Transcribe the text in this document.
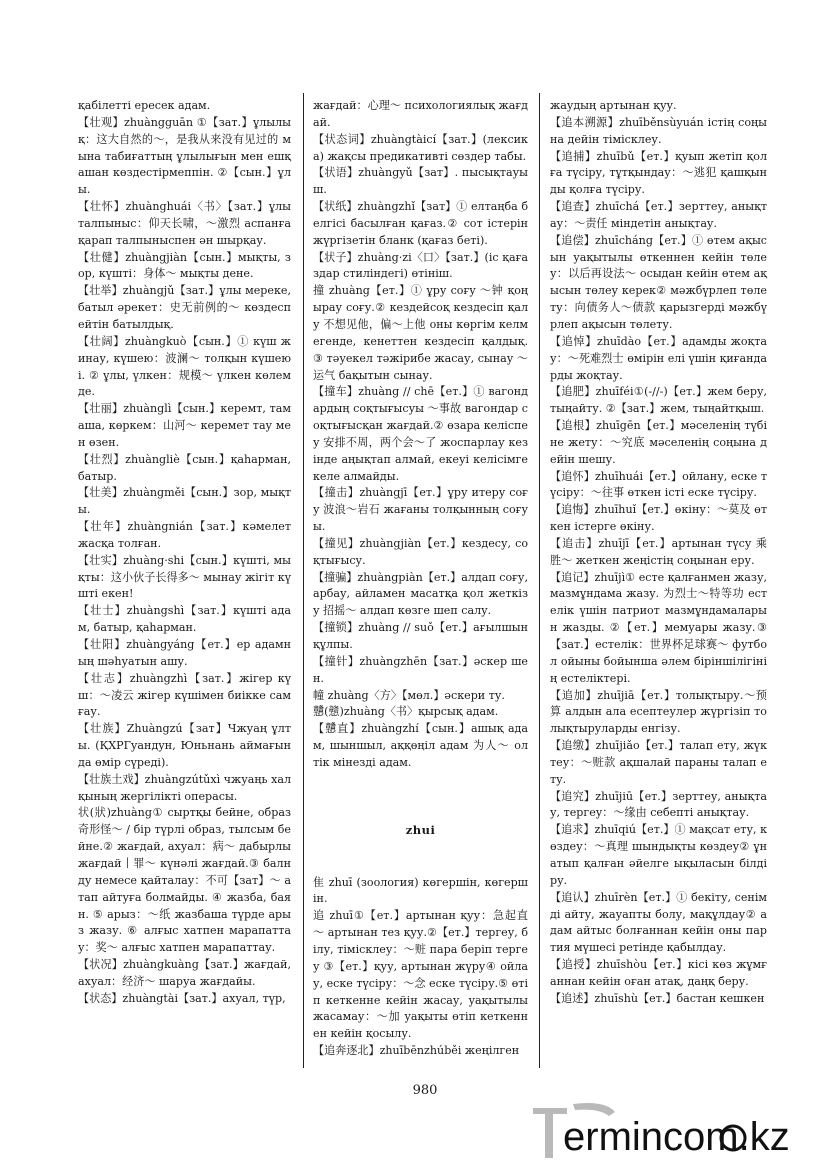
қабілетті ересек адам.

【壮观】zhuàngguān ①【зат.】ұлылық：这大自然的～，是我从来没有见过的 мына табиғаттың ұлылығын мен ешқашан көздестірмеппін. ②【сын.】ұлы.

【壮怀】zhuànghuái〈书〉【зат.】ұлы талпыныс：仰天长啸，～激烈 аспанға қарап талпыныспен ән шырқау.

【壮健】zhuàngjiàn【сын.】мықты, зор, күшті：身体～ мықты дене.

【壮举】zhuàngjǔ【зат.】ұлы мереке, батыл әрекет：史无前例的～ көздеспейтін батылдық.

【壮阔】zhuàngkuò【сын.】① күш жинау, күшею：波澜～ толқын күшеюі. ② ұлы, үлкен：规模～ үлкен көлемде.

【壮丽】zhuànglì【сын.】керемт, тамаша, көркем：山河～ керемет тау мен өзен.

【壮烈】zhuàngliè【сын.】қаһарман, батыр.

【壮美】zhuàngměi【сын.】зор, мықты.

【壮年】zhuàngnián【зат.】кәмелет жасқа толған.

【壮实】zhuàng·shi【сын.】күшті, мықты：这小伙子长得多～ мынау жігіт күшті екен!

【壮士】zhuàngshì【зат.】күшті адам, батыр, қаһарман.

【壮阳】zhuàngyáng【ет.】ер адамның шәһуатын ашу.

【壮志】zhuàngzhì【зат.】жігер күш：～凌云 жігер күшімен биікке самғау.

【壮族】Zhuàngzú【зат】Чжуаң ұлты. (ҚХРГуандун, Юньнань аймағында өмір сүреді).

【壮族土戏】zhuàngzútǔxì чжуаңь халқының жергілікті операсы.

状(狀)zhuàng① сыртқы бейне, образ 奇形怪～ / бір түрлі образ, тылсым бейне.② жағдай, ахуал：病～ дабырлы жағдай丨罪～ күнәлі жағдай.③ балнду немесе қайталау：不可【зат】～ атап айтуға болмайды. ④ жазба, баян. ⑤ арыз：～纸 жазбаша түрде арыз жазу. ⑥ алғыс хатпен марапаттау：奖～ алғыс хатпен марапаттау.

【状况】zhuàngkuàng【зат.】жағдай, ахуал：经济～ шаруа жағдайы.

【状态】zhuàngtài【зат.】ахуал, түр,

жағдай：心理～ психологиялық жағдай.

【状态词】zhuàngtàicí【зат.】(лексика) жақсы предикативті сөздер табы.

【状语】zhuàngyǔ【зат】. пысықтауыш.

【状纸】zhuàngzhǐ【зат】① елтаңба белгісі басылған қағаз.② сот істерін жүргізетін бланк (қағаз беті).

【状子】zhuàng·zi〈口〉【зат.】(іс қағаздар стиліндегі) өтініш.

撞 zhuàng【ет.】① ұру соғу ～钟 қоңырау соғу.② кездейсоқ кездесіп қалу 不想见他，偏～上他 оны көргім келмегенде, кенеттен кездесіп қалдық. ③ тәуекел тәжірибе жасау, сынау ～运气 бақытын сынау.

【撞车】zhuàng // chē【ет.】① вагондардың соқтығысуы ～事故 вагондар соқтығысқан жағдай.② өзара келіспеу 安排不周，两个会～了 жоспарлау кезінде аңықтап алмай, екеуі келісімге келе алмайды.

【撞击】zhuàngjī【ет.】ұру итеру соғу 波浪～岩石 жағаны толқынның соғуы.

【撞见】zhuàngjiàn【ет.】кездесу, соқтығысу.

【撞骗】zhuàngpiàn【ет.】алдап соғу, арбау, айламен масатқа қол жеткізу 招摇～ алдап көзге шеп салу.

【撞锁】zhuàng // suǒ【ет.】ағылшын құлпы.

【撞针】zhuàngzhēn【зат.】әскер шен.

幢 zhuàng〈方〉【мөл.】әскери ту.

戇(戆)zhuàng〈书〉қырсық адам.

【戇直】zhuàngzhí【сын.】ашық адам, шыншыл, аққөңіл адам 为人～ ол тік мінезді адам.

zhui

隹 zhuī (зоология) көгершін, көгершін.

追 zhuī①【ет.】артынан қуу：急起直～ артынан тез қуу.②【ет.】тергеу, білу, тімісклеу：～赃 пара беріп тергеу ③【ет.】қуу, артынан жүру④ ойлау, еске түсіру：～念 еске түсіру.⑤ өтіп кеткенне кейін жасау, уақытылы жасамау：～加 уақыты өтіп кеткеннен кейін қосылу.

【追奔逐北】zhuībēnzhúběi жеңілген

жаудың артынан қуу.

【追本溯源】zhuīběnsùyuán істің соңына дейін тімісклеу.

【追捕】zhuībǔ【ет.】қуып жетіп қолға түсіру, тұтқындау：～逃犯 қашқынды қолға түсіру.

【追查】zhuīchá【ет.】зерттеу, анықтау：～责任 міндетін анықтау.

【追偿】zhuīcháng【ет.】① өтем ақысын уақытылы өткеннен кейін төлеу：以后再设法～ осыдан кейін өтем ақысын төлеу керек② мәжбүрлеп төлету：向债务人～债款 қарызгерді мәжбүрлеп ақысын төлету.

【追悼】zhuīdào【ет.】адамды жоқтау：～死难烈士 өмірін елі үшін қиғандарды жоқтау.

【追肥】zhuīféi①(-//-)【ет.】жем беру, тыңайту. ②【зат.】жем, тыңайтқыш.

【追根】zhuīgēn【ет.】мәселенің түбіне жету：～究底 мәселенің соңына дейін шешу.

【追怀】zhuīhuái【ет.】ойлану, еске түсіру：～往事 өткен істі еске түсіру.

【追悔】zhuīhuǐ【ет.】өкіну：～莫及 өткен істерге өкіну.

【追击】zhuījī【ет.】артынан түсу 乘胜～ жеткен жеңістің соңынан еру.

【追记】zhuījì① есте қалғанмен жазу, мазмұндама жазу. 为烈士～特等功 естелік үшін патриот мазмұндамаларын жазды. ②【ет.】мемуары жазу.③【зат.】естелік：世界杯足球赛～ футбол ойыны бойынша әлем біріншілігінің естеліктері.

【追加】zhuījiā【ет.】толықтыру.～预算 алдын ала есептеулер жүргізіп толықтыруларды енгізу.

【追缴】zhuījiǎo【ет.】талап ету, жүктеу：～赃款 ақшалай параны талап ету.

【追究】zhuījiū【ет.】зерттеу, анықтау, тергеу：～缘由 себепті анықтау.

【追求】zhuīqiú【ет.】① мақсат ету, көздеу：～真理 шындықты көздеу② ұнатып қалған әйелге ықыласын білдіру.

【追认】zhuīrèn【ет.】① бекіту, сенімді айту, жауапты болу, мақұлдау② адам айтыс болғаннан кейін оны партия мүшесі ретінде қабылдау.

【追授】zhuīshòu【ет.】кісі көз жұмғаннан кейін оған атақ, даңқ беру.

【追述】zhuīshù【ет.】бастан кешкен

980
ermincom.kz
